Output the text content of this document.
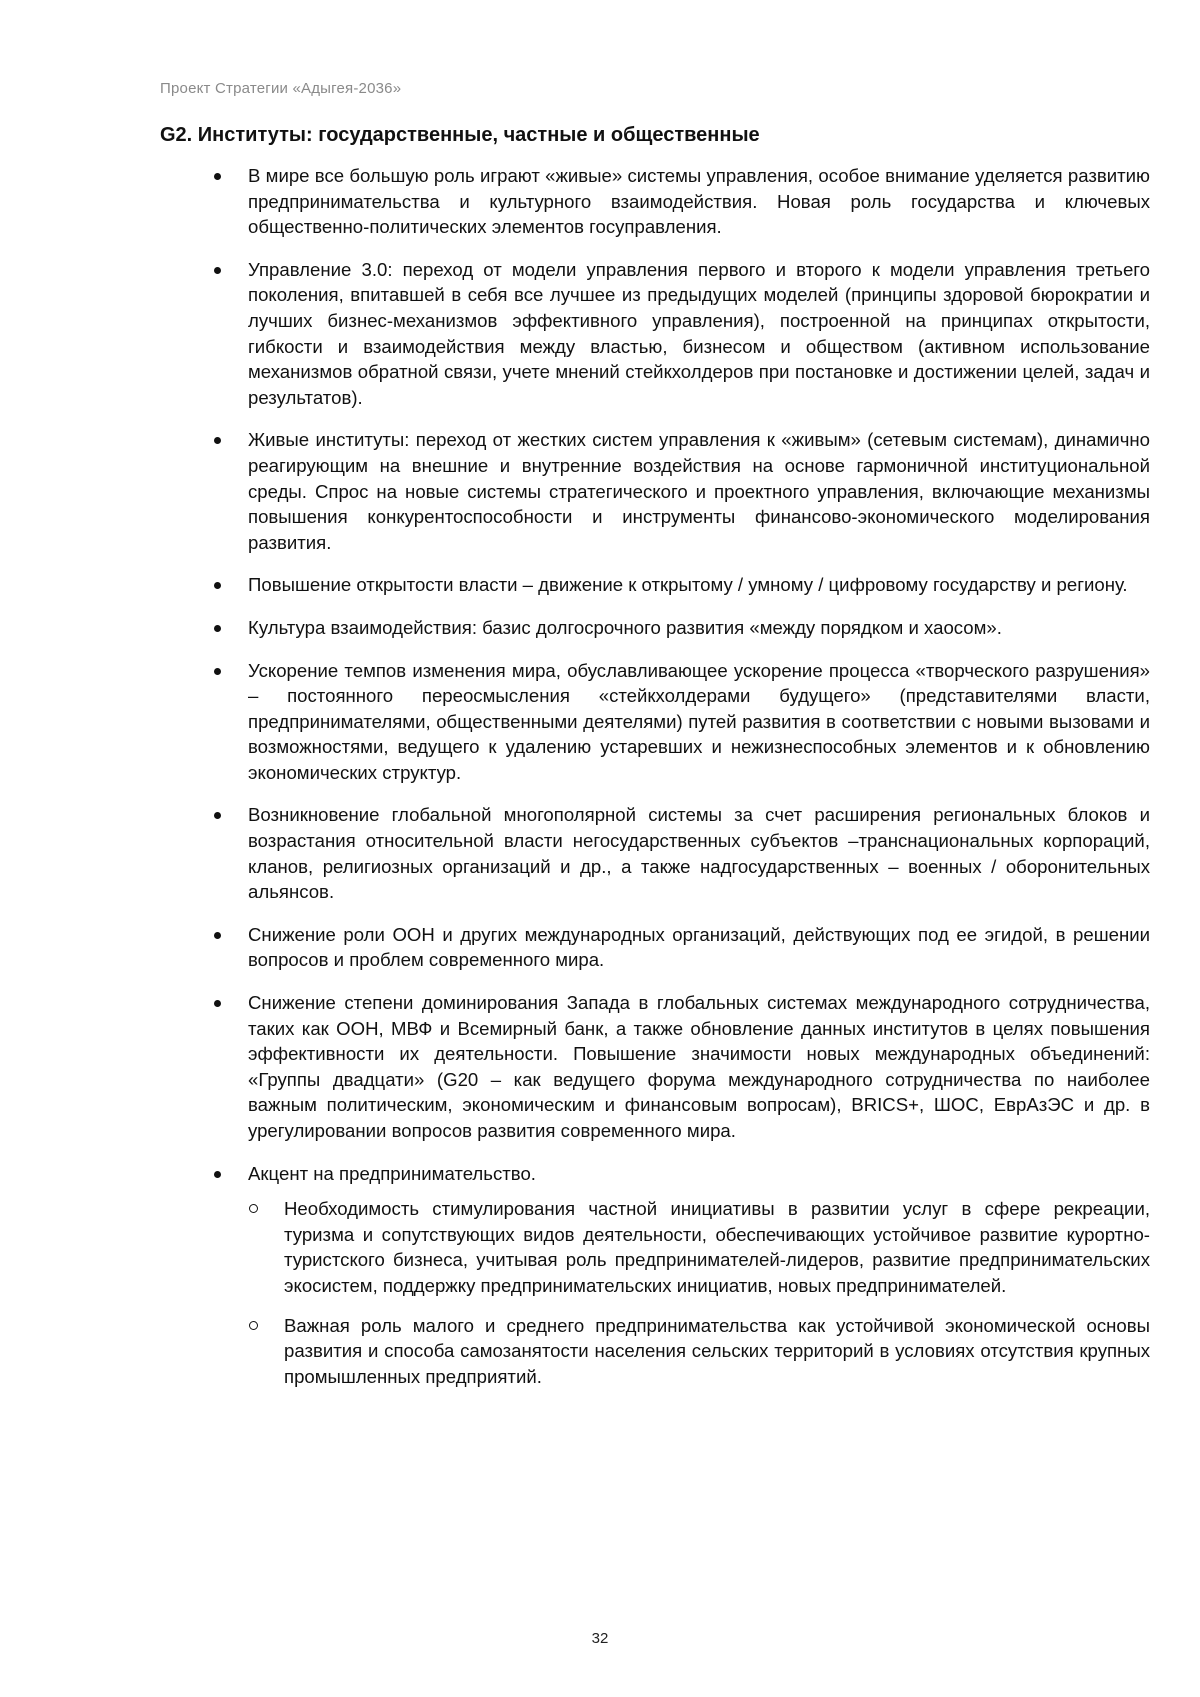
Проект Стратегии «Адыгея-2036»
G2. Институты: государственные, частные и общественные
В мире все большую роль играют «живые» системы управления, особое внимание уделяется развитию предпринимательства и культурного взаимодействия. Новая роль государства и ключевых общественно-политических элементов госуправления.
Управление 3.0: переход от модели управления первого и второго к модели управления третьего поколения, впитавшей в себя все лучшее из предыдущих моделей (принципы здоровой бюрократии и лучших бизнес-механизмов эффективного управления), построенной на принципах открытости, гибкости и взаимодействия между властью, бизнесом и обществом (активном использование механизмов обратной связи, учете мнений стейкхолдеров при постановке и достижении целей, задач и результатов).
Живые институты: переход от жестких систем управления к «живым» (сетевым системам), динамично реагирующим на внешние и внутренние воздействия на основе гармоничной институциональной среды. Спрос на новые системы стратегического и проектного управления, включающие механизмы повышения конкурентоспособности и инструменты финансово-экономического моделирования развития.
Повышение открытости власти – движение к открытому / умному / цифровому государству и региону.
Культура взаимодействия: базис долгосрочного развития «между порядком и хаосом».
Ускорение темпов изменения мира, обуславливающее ускорение процесса «творческого разрушения» – постоянного переосмысления «стейкхолдерами будущего» (представителями власти, предпринимателями, общественными деятелями) путей развития в соответствии с новыми вызовами и возможностями, ведущего к удалению устаревших и нежизнеспособных элементов и к обновлению экономических структур.
Возникновение глобальной многополярной системы за счет расширения региональных блоков и возрастания относительной власти негосударственных субъектов –транснациональных корпораций, кланов, религиозных организаций и др., а также надгосударственных – военных / оборонительных альянсов.
Снижение роли ООН и других международных организаций, действующих под ее эгидой, в решении вопросов и проблем современного мира.
Снижение степени доминирования Запада в глобальных системах международного сотрудничества, таких как ООН, МВФ и Всемирный банк, а также обновление данных институтов в целях повышения эффективности их деятельности. Повышение значимости новых международных объединений: «Группы двадцати» (G20 – как ведущего форума международного сотрудничества по наиболее важным политическим, экономическим и финансовым вопросам), BRICS+, ШОС, ЕврАзЭС и др. в урегулировании вопросов развития современного мира.
Акцент на предпринимательство.
Необходимость стимулирования частной инициативы в развитии услуг в сфере рекреации, туризма и сопутствующих видов деятельности, обеспечивающих устойчивое развитие курортно-туристского бизнеса, учитывая роль предпринимателей-лидеров, развитие предпринимательских экосистем, поддержку предпринимательских инициатив, новых предпринимателей.
Важная роль малого и среднего предпринимательства как устойчивой экономической основы развития и способа самозанятости населения сельских территорий в условиях отсутствия крупных промышленных предприятий.
32
